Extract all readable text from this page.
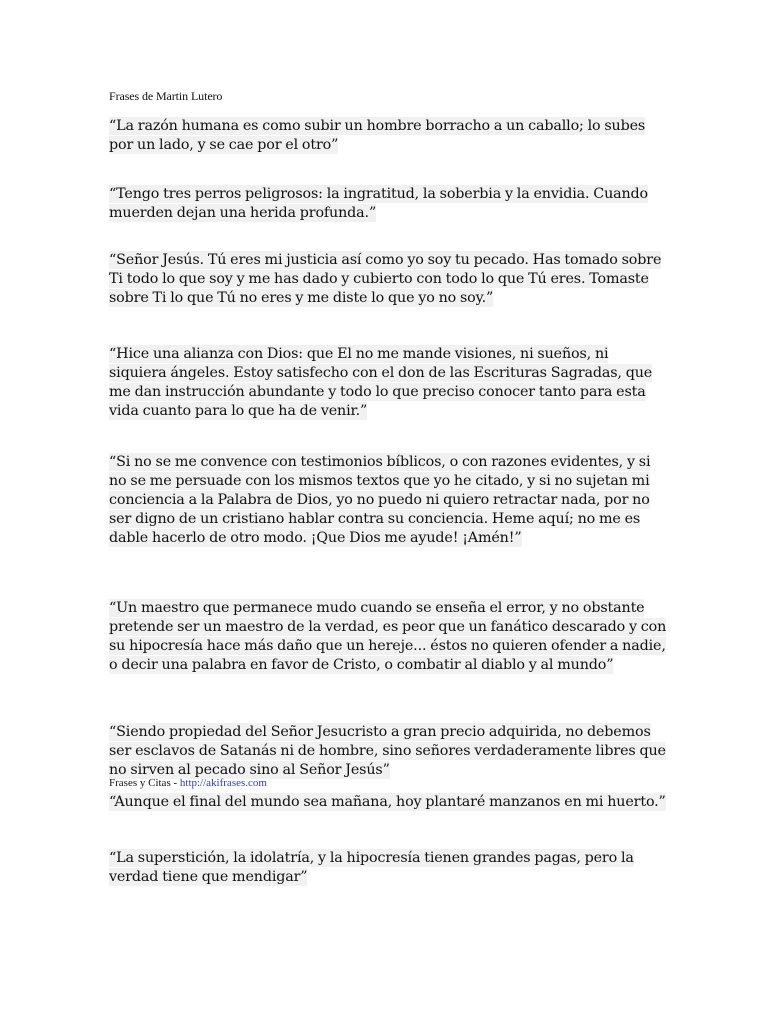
Frases de Martin Lutero
“La razón humana es como subir un hombre borracho a un caballo; lo subes por un lado, y se cae por el otro”
“Tengo tres perros peligrosos: la ingratitud, la soberbia y la envidia. Cuando muerden dejan una herida profunda.”
“Señor Jesús. Tú eres mi justicia así como yo soy tu pecado. Has tomado sobre Ti todo lo que soy y me has dado y cubierto con todo lo que Tú eres. Tomaste sobre Ti lo que Tú no eres y me diste lo que yo no soy.”
“Hice una alianza con Dios: que El no me mande visiones, ni sueños, ni siquiera ángeles. Estoy satisfecho con el don de las Escrituras Sagradas, que me dan instrucción abundante y todo lo que preciso conocer tanto para esta vida cuanto para lo que ha de venir.”
“Si no se me convence con testimonios bíblicos, o con razones evidentes, y si no se me persuade con los mismos textos que yo he citado, y si no sujetan mi conciencia a la Palabra de Dios, yo no puedo ni quiero retractar nada, por no ser digno de un cristiano hablar contra su conciencia. Heme aquí; no me es dable hacerlo de otro modo. ¡Que Dios me ayude! ¡Amén!”
“Un maestro que permanece mudo cuando se enseña el error, y no obstante pretende ser un maestro de la verdad, es peor que un fanático descarado y con su hipocresía hace más daño que un hereje... éstos no quieren ofender a nadie, o decir una palabra en favor de Cristo, o combatir al diablo y al mundo”
“Siendo propiedad del Señor Jesucristo a gran precio adquirida, no debemos ser esclavos de Satanás ni de hombre, sino señores verdaderamente libres que no sirven al pecado sino al Señor Jesús”
Frases y Citas - http://akifrases.com
“Aunque el final del mundo sea mañana, hoy plantaré manzanos en mi huerto.”
“La superstición, la idolatría, y la hipocresía tienen grandes pagas, pero la verdad tiene que mendigar”
